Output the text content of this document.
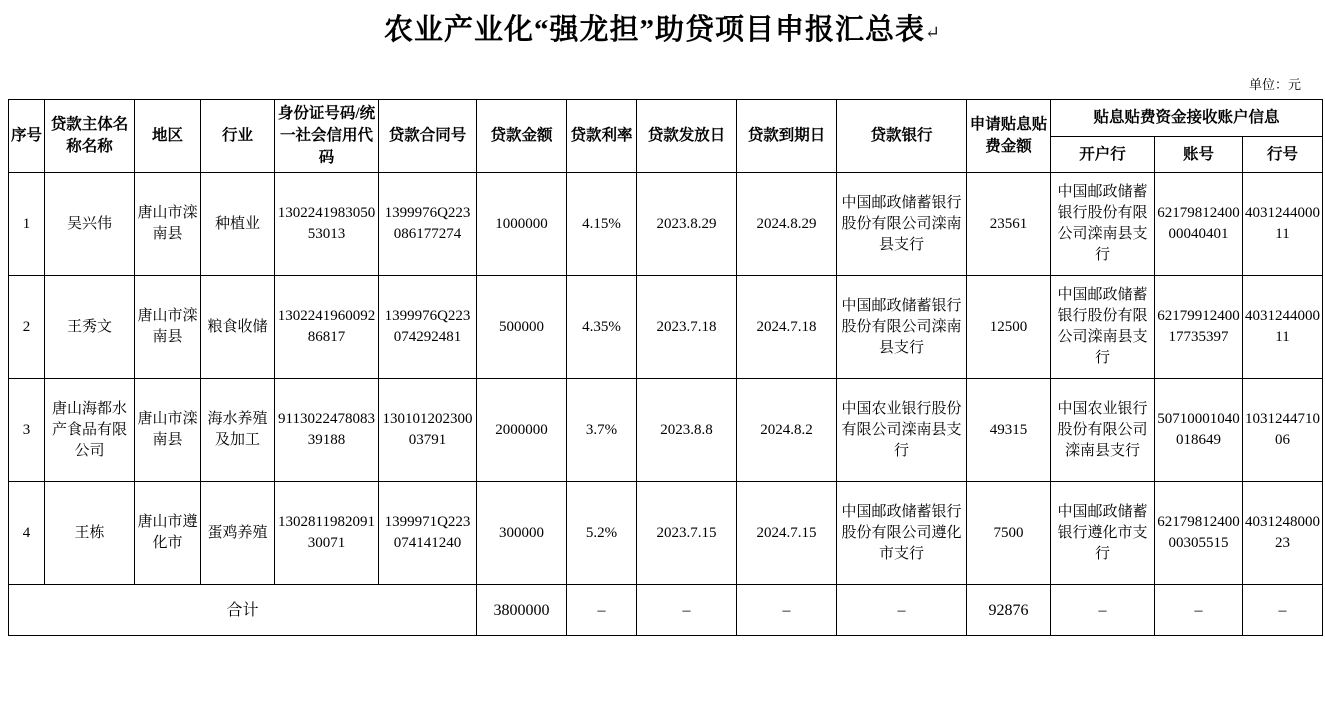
农业产业化“强龙担”助贷项目申报汇总表↵
单位：元
序号	贷款主体名称名称	地区	行业	身份证号码/统一社会信用代码	贷款合同号	贷款金额	贷款利率	贷款发放日	贷款到期日	贷款银行	申请贴息贴费金额	贴息贴费资金接收账户信息		
												开户行	账号	行号
1	吴兴伟	唐山市滦南县	种植业	130224198305053013	1399976Q223086177274	1000000	4.15%	2023.8.29	2024.8.29	中国邮政储蓄银行股份有限公司滦南县支行	23561	中国邮政储蓄银行股份有限公司滦南县支行	6217981240000040401	403124400011
2	王秀文	唐山市滦南县	粮食收储	130224196009286817	1399976Q223074292481	500000	4.35%	2023.7.18	2024.7.18	中国邮政储蓄银行股份有限公司滦南县支行	12500	中国邮政储蓄银行股份有限公司滦南县支行	6217991240017735397	403124400011
3	唐山海都水产食品有限公司	唐山市滦南县	海水养殖及加工	911302247808339188	13010120230003791	2000000	3.7%	2023.8.8	2024.8.2	中国农业银行股份有限公司滦南县支行	49315	中国农业银行股份有限公司滦南县支行	50710001040018649	103124471006
4	王栋	唐山市遵化市	蛋鸡养殖	130281198209130071	1399971Q223074141240	300000	5.2%	2023.7.15	2024.7.15	中国邮政储蓄银行股份有限公司遵化市支行	7500	中国邮政储蓄银行遵化市支行	6217981240000305515	403124800023
合计						3800000	–	–	–	–	92876	–	–	–
